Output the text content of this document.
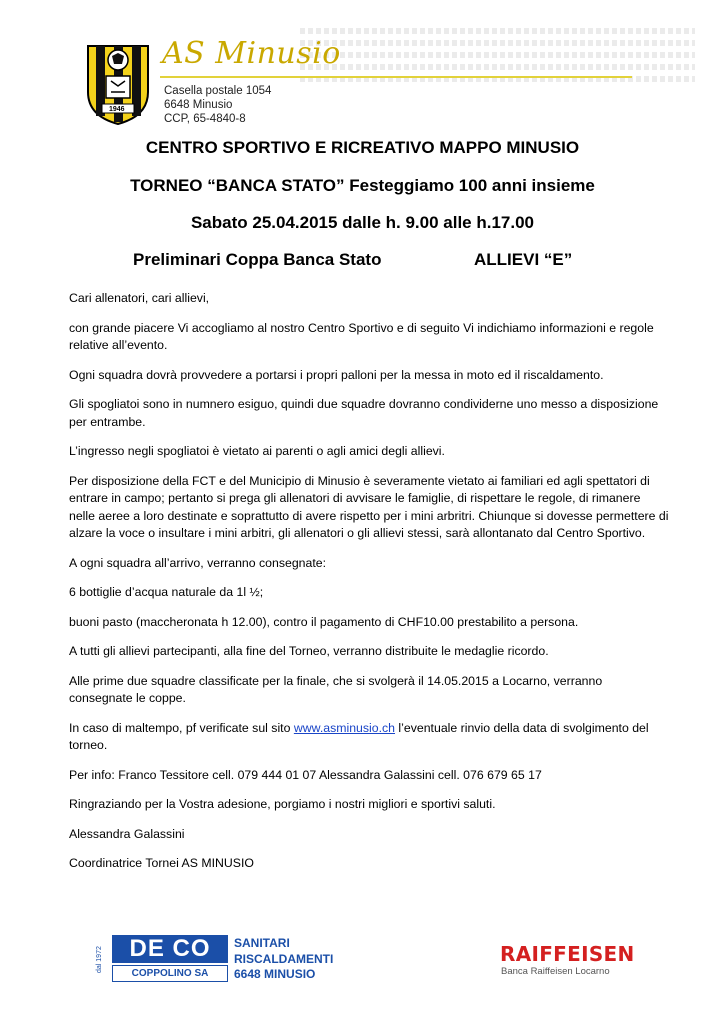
1946
AS Minusio
Casella postale 1054
6648 Minusio
CCP, 65-4840-8
CENTRO SPORTIVO E RICREATIVO MAPPO MINUSIO
TORNEO “BANCA STATO” Festeggiamo 100 anni insieme
Sabato 25.04.2015 dalle h. 9.00 alle h.17.00
Preliminari Coppa Banca Stato	ALLIEVI “E”

Cari allenatori, cari allievi,

con grande piacere Vi accogliamo al nostro Centro Sportivo e di seguito Vi indichiamo informazioni e regole relative all’evento.

Ogni squadra dovrà provvedere a portarsi i propri palloni per la messa in moto ed il riscaldamento.

Gli spogliatoi sono in numnero esiguo, quindi due squadre dovranno condividerne uno messo a disposizione per entrambe.

L’ingresso negli spogliatoi è vietato ai parenti o agli amici degli allievi.

Per disposizione della FCT e del Municipio di Minusio è severamente vietato ai familiari ed agli spettatori di entrare in campo; pertanto si prega gli allenatori di avvisare le famiglie, di rispettare le regole, di rimanere nelle aeree a loro destinate e soprattutto di avere rispetto per i mini arbritri. Chiunque si dovesse permettere di alzare la voce o insultare i mini arbitri, gli allenatori o gli allievi stessi, sarà allontanato dal Centro Sportivo.

A ogni squadra all’arrivo, verranno consegnate:

6 bottiglie d’acqua naturale da 1l ½;

buoni pasto (maccheronata h 12.00), contro il pagamento di CHF10.00 prestabilito a persona.

A tutti gli allievi partecipanti, alla fine del Torneo, verranno distribuite le medaglie ricordo.

Alle prime due squadre classificate per la finale, che si svolgerà il 14.05.2015 a Locarno, verranno consegnate le coppe.

In caso di maltempo, pf verificate sul sito www.asminusio.ch l’eventuale rinvio della data di svolgimento del torneo.

Per info: Franco Tessitore cell. 079 444 01 07 Alessandra Galassini cell. 076 679 65 17

Ringraziando per la Vostra adesione, porgiamo i nostri migliori e sportivi saluti.

Alessandra Galassini

Coordinatrice Tornei AS MINUSIO

dal 1972	DE CO
COPPOLINO SA
SANITARI
RISCALDAMENTI
6648 MINUSIO
RAIFFEISEN
Banca Raiffeisen Locarno
